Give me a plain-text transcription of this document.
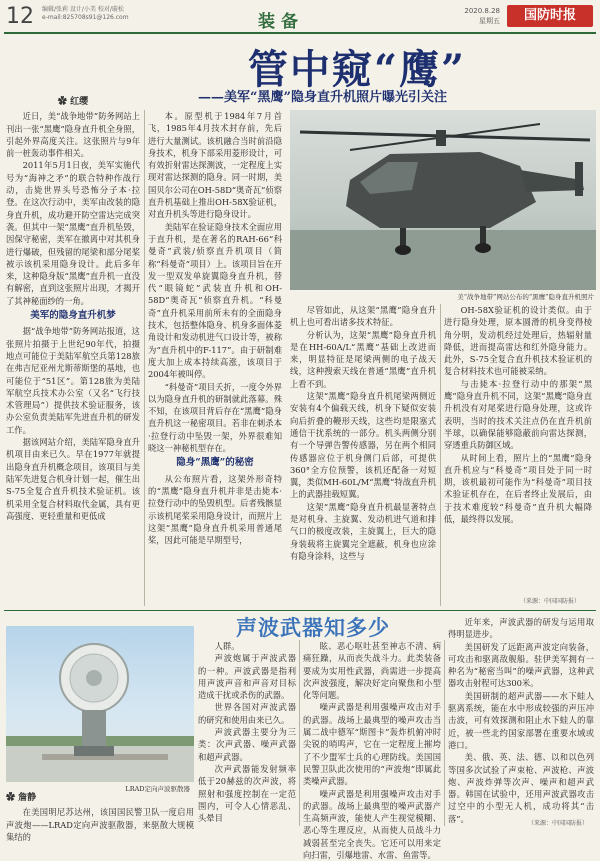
12 编辑/张莉 设计/小美 校对/璇松
e-mail:825708s91@126.com	装备
2020.8.28
星期五	国防时报
管中窥“鹰”
——美军“黑鹰”隐身直升机照片曝光引关注
✿ 红缨

近日，美“战争地带”防务网站上刊出一张“黑鹰”隐身直升机全身照，引起外界高度关注。这张照片与9年前一桩轰动事件相关。

2011年5月1日夜，美军实施代号为“海神之矛”的联合特种作战行动，击毙世界头号恐怖分子本·拉登。在这次行动中，美军由改装的隐身直升机，成功避开防空雷达完成突袭。但其中一架“黑鹰”直升机坠毁，因保守秘密，美军在撤离中对其机身进行爆破，但残留的尾梁和部分尾桨被示该机采用隐身设计。此后多年来，这种隐身版“黑鹰”直升机一直没有解密，直到这张照片出现，才揭开了其神秘面纱的一角。

美军的隐身直升机梦

据“战争地带”防务网站报道，这张照片拍摄于上世纪90年代，拍摄地点可能位于美陆军航空兵第128旅在弗吉尼亚州尤斯蒂斯堡的基地，也可能位于“51区”。第128旅为美陆军航空兵技术办公室（又名“飞行技术管理局”）提供技术验证服务，该办公室负责美陆军先进直升机的研发工作。

据该网站介绍，美陆军隐身直升机项目由来已久。早在1977年就提出隐身直升机概念项目，该项目与美陆军先进复合机身计划一起，催生出S-75全复合直升机技术验证机。该机采用全复合材料取代金属，具有更高强度、更轻重量和更低成

本。原型机于1984年7月首飞，1985年4月技术封存前，先后进行大量测试。该机融合当时前沿隐身技术，机身下部采用菱形设计，可有效折射雷达探测波，一定程度上实现对雷达探测的隐身。同一时期，美国贝尔公司在OH-58D“奥奇瓦”侦察直升机基础上推出OH-58X验证机，对直升机头等进行隐身设计。

美陆军在验证隐身技术全面应用于直升机，是在著名的RAH-66“科曼奇”武装/侦察直升机项目（简称“科曼奇”项目）上。该项目旨在开发一型双发单旋翼隐身直升机，替代“眼镜蛇”武装直升机和OH-58D“奥奇瓦”侦察直升机。“科曼奇”直升机采用前所未有的全面隐身技术，包括整体隐身、机身多面体菱角设计和发动机进气口设计等，被称为“直升机中的F-117”。由于研制难度大加上成本持续高涨，该项目于2004年被叫停。

“科曼奇”项目夭折，一度令外界以为隐身直升机的研制就此落幕。殊不知，在该项目背后存在“黑鹰”隐身直升机这一秘密项目。若非在刺杀本·拉登行动中坠毁一架，外界很难知晓这一神秘机型存在。

隐身“黑鹰”的秘密

从公布照片看，这架外形奇特的“黑鹰”隐身直升机并非是击毙本·拉登行动中的坠毁机型。后者残骸显示该机尾桨采用隐身设计，而照片上这架“黑鹰”隐身直升机采用普通尾桨，因此可能是早期型号，

美“战争地带”网站公布的“黑鹰”隐身直升机照片

尽管如此，从这架“黑鹰”隐身直升机上也可看出诸多技术特征。

分析认为，这架“黑鹰”隐身直升机是在HH-60A/L“黑鹰”基础上改进而来，明显特征是尾梁两侧的电子战天线，这种搜索天线在普通“黑鹰”直升机上看不到。

这架“黑鹰”隐身直升机尾梁两侧近安装有4个偏载天线，机身下疑似安装向后折叠的鞭形天线，这些均是限塞式通信干扰系统的一部分。机头两侧分别有一个导弹告警传感器，另在两个相同传感器应位于机身侧门后部，可提供360°全方位预警，该机还配备一对短翼，类似MH-60L/M“黑鹰”特战直升机上的武器挂载短翼。

这架“黑鹰”隐身直升机最显著特点是对机身、主旋翼、发动机进气道和排气口的极度改装，主旋翼上，巨大的隐身装载将主旋翼完全遮蔽，机身也应涂有隐身涂料，这些与

OH-58X验证机的设计类似。由于进行隐身处理，原本圆滑的机身变得棱角分明，发动机经过处理后，热辐射量降低，进而提高雷达和红外隐身能力。此外，S-75全复合直升机技术验证机的复合材料技术也可能被采纳。

与击毙本·拉登行动中的那架“黑鹰”隐身直升机不同，这架“黑鹰”隐身直升机没有对尾桨进行隐身处理，这或许表明，当时的技术关注点仍在直升机前半球，以确保能够隐蔽前向雷达探测，穿透重兵防御区域。

从时间上看，照片上的“黑鹰”隐身直升机应与“科曼奇”项目处于同一时期，该机最初可能作为“科曼奇”项目技术验证机存在，在后者终止发展后，由于技术难度较“科曼奇”直升机大幅降低，最终得以发展。

（来源：中国国防报）
声波武器知多少
LRAD定向声波驱散器
✿ 詹静

在美国明尼苏达州，该国国民警卫队一度启用声波炮——LRAD定向声波驱散器，来驱散大规模集结的

人群。

声波炮属于声波武器的一种。声波武器是指利用声波声音和声音对目标造成干扰或杀伤的武器。

世界各国对声波武器的研究和使用由来已久。

声波武器主要分为三类：次声武器、噪声武器和超声武器。

次声武器能发射频率低于20赫兹的次声波，将照射和强度控制在一定范围内，可令人心情恶乱、头晕目

眩、恶心呕吐甚至神志不清、病痛狂躁，从而丧失战斗力。此类装备要成为实用性武器，尚需进一步提高次声波强度，解决好定向聚焦和小型化等问题。

噪声武器是利用强噪声攻击对手的武器。战场上最典型的噪声攻击当属二战中德军“斯图卡”轰炸机俯冲时尖锐的哨鸣声，它在一定程度上摧垮了不少盟军士兵的心理防线。美国国民警卫队此次使用的“声波炮”即属此类噪声武器。

噪声武器是利用强噪声攻击对手的武器。战场上最典型的噪声武器产生高频声波，能使人产生视觉模糊、恶心等生理反应，从而使人员战斗力减弱甚至完全丧失。它还可以用来定向扫雷，引爆地雷、水雷、鱼雷等。

近年来，声波武器的研发与运用取得明显进步。

美国研发了远距离声波定向装备，可攻击和驱离敌舰船。驻伊美军拥有一种名为“秘密当叫”的噪声武器，这种武器攻击射程可达300米。

美国研制的超声武器——水下蛙人驱离系统，能在水中形成较强的声压冲击波，可有效探测和阻止水下蛙人的靠近，被一些北约国家部署在重要水域或港口。

美、俄、英、法、德、以和以色列等国多次试验了声束枪、声波枪、声波炮、声波炸弹等次声、噪声和超声武器。韩国在试验中，还用声波武器攻击过空中的小型无人机，成功将其“击落”。	（来源：中国国防报）
